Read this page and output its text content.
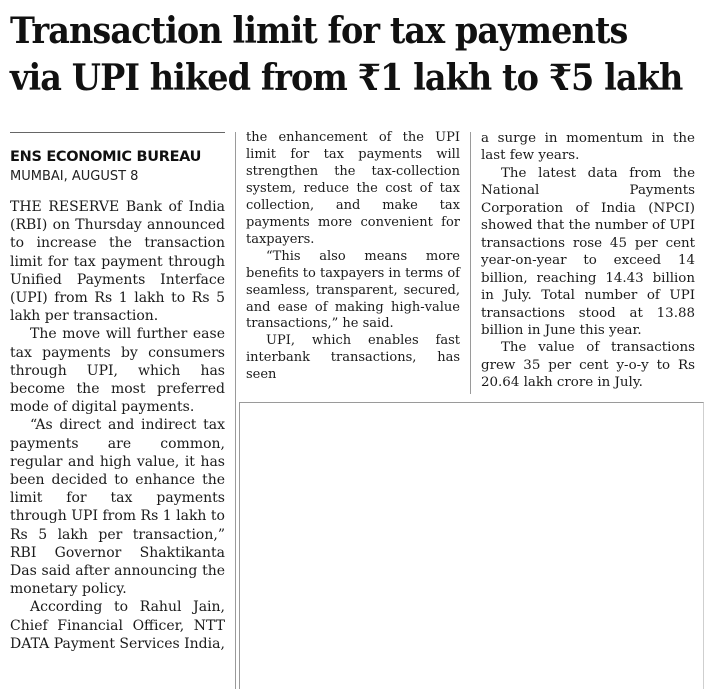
Transaction limit for tax payments
via UPI hiked from ₹1 lakh to ₹5 lakh
ENS ECONOMIC BUREAU
MUMBAI, AUGUST 8

THE RESERVE Bank of India (RBI) on Thursday announced to increase the transaction limit for tax payment through Unified Payments Interface (UPI) from Rs 1 lakh to Rs 5 lakh per transaction.

The move will further ease tax payments by consumers through UPI, which has become the most preferred mode of digital payments.

“As direct and indirect tax payments are common, regular and high value, it has been decided to enhance the limit for tax payments through UPI from Rs 1 lakh to Rs 5 lakh per transaction,” RBI Governor Shaktikanta Das said after announcing the monetary policy.

According to Rahul Jain, Chief Financial Officer, NTT DATA Payment Services India,

the enhancement of the UPI limit for tax payments will strengthen the tax-collection system, reduce the cost of tax collection, and make tax payments more convenient for taxpayers.

“This also means more benefits to taxpayers in terms of seamless, transparent, secured, and ease of making high-value transactions,” he said.

UPI, which enables fast interbank transactions, has seen

a surge in momentum in the last few years.

The latest data from the National Payments Corporation of India (NPCI) showed that the number of UPI transactions rose 45 per cent year-on-year to exceed 14 billion, reaching 14.43 billion in July. Total number of UPI transactions stood at 13.88 billion in June this year.

The value of transactions grew 35 per cent y-o-y to Rs 20.64 lakh crore in July.
